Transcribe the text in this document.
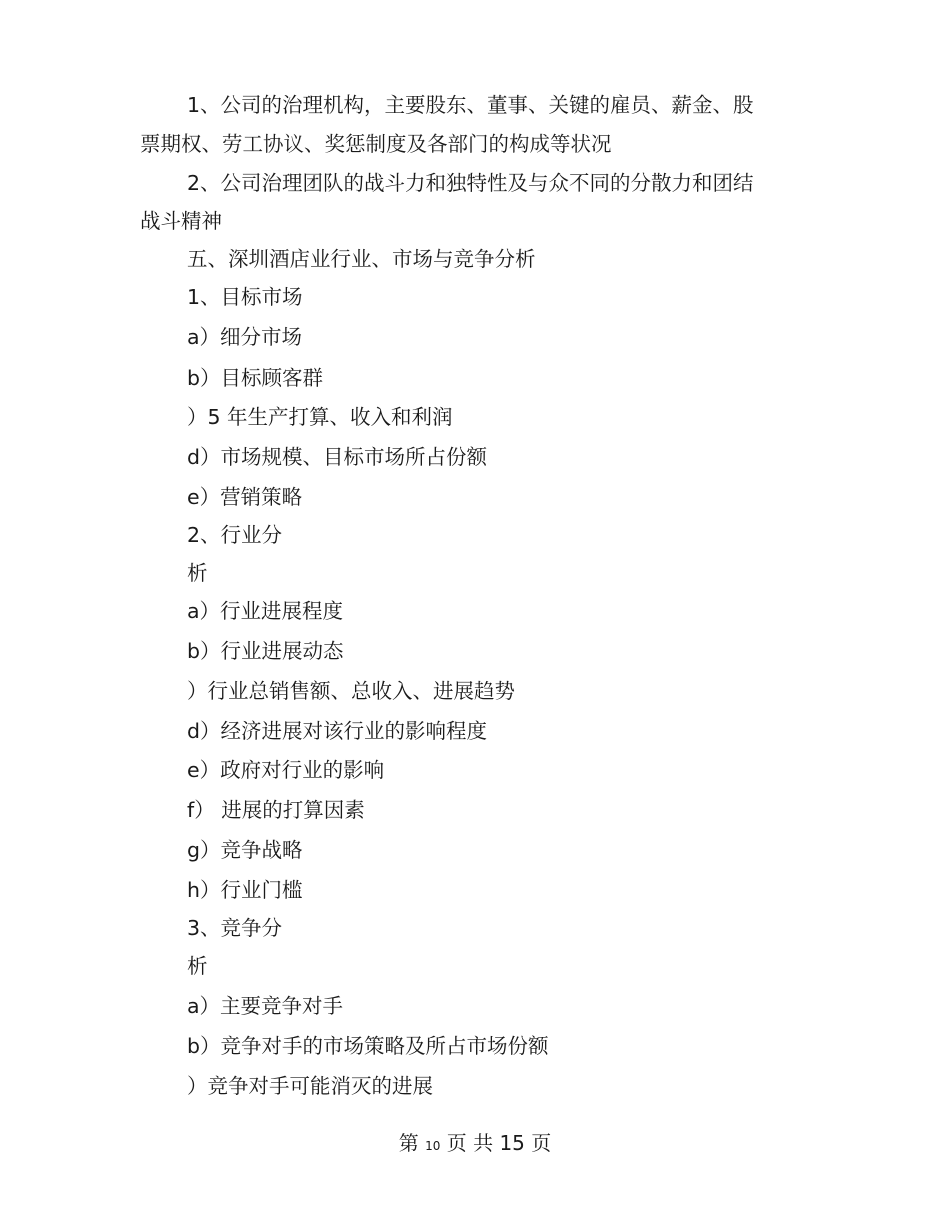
1、公司的治理机构，主要股东、董事、关键的雇员、薪金、股
票期权、劳工协议、奖惩制度及各部门的构成等状况
2、公司治理团队的战斗力和独特性及与众不同的分散力和团结
战斗精神
五、深圳酒店业行业、市场与竞争分析
1、目标市场
a）细分市场
b）目标顾客群
）5 年生产打算、收入和利润
d）市场规模、目标市场所占份额
e）营销策略
2、行业分
析
a）行业进展程度
b）行业进展动态
）行业总销售额、总收入、进展趋势
d）经济进展对该行业的影响程度
e）政府对行业的影响
f） 进展的打算因素
g）竞争战略
h）行业门槛
3、竞争分
析
a）主要竞争对手
b）竞争对手的市场策略及所占市场份额
）竞争对手可能消灭的进展
第 10 页 共 15 页
